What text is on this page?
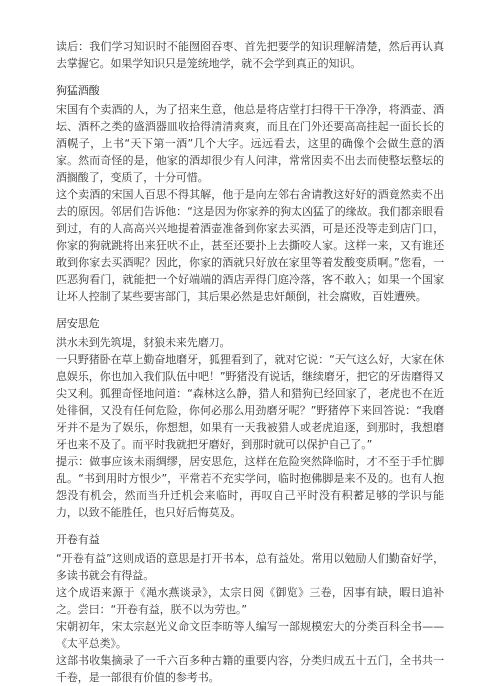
读后：我们学习知识时不能囫囵吞枣、首先把要学的知识理解清楚，然后再认真去掌握它。如果学知识只是笼统地学，就不会学到真正的知识。

狗猛酒酸

宋国有个卖酒的人，为了招来生意，他总是将店堂打扫得干干净净，将酒壶、酒坛、酒杯之类的盛酒器皿收拾得清清爽爽，而且在门外还要高高挂起一面长长的酒幌子，上书“天下第一酒”几个大字。远远看去，这里的确像个会做生意的酒家。然而奇怪的是，他家的酒却很少有人问津，常常因卖不出去而使整坛整坛的酒搁酸了，变质了，十分可惜。

这个卖酒的宋国人百思不得其解，他于是向左邻右舍请教这好好的酒竟然卖不出去的原因。邻居们告诉他：“这是因为你家养的狗太凶猛了的缘故。我们都亲眼看到过，有的人高高兴兴地提着酒壶准备到你家去买酒，可是还没等走到店门口，你家的狗就跳将出来狂吠不止，甚至还要扑上去撕咬人家。这样一来，又有谁还敢到你家去买酒呢？因此，你家的酒就只好放在家里等着发酸变质啊。”您看，一匹恶狗看门，就能把一个好端端的酒店弄得门庭冷落，客不敢入；如果一个国家让坏人控制了某些要害部门，其后果必然是忠奸颠倒，社会腐败，百姓遭殃。

居安思危

洪水未到先筑堤，豺狼未来先磨刀。

一只野猪卧在草上勤奋地磨牙，狐狸看到了，就对它说：“天气这么好，大家在休息娱乐，你也加入我们队伍中吧！”野猪没有说话，继续磨牙，把它的牙齿磨得又尖又利。狐狸奇怪地问道：“森林这么静，猎人和猎狗已经回家了，老虎也不在近处徘徊，又没有任何危险，你何必那么用劲磨牙呢？”野猪停下来回答说：“我磨牙并不是为了娱乐，你想想，如果有一天我被猎人或老虎追逐，到那时，我想磨牙也来不及了。而平时我就把牙磨好，到那时就可以保护自己了。”

提示：做事应该未雨绸缪，居安思危，这样在危险突然降临时，才不至于手忙脚乱。“书到用时方恨少”，平常若不充实学问，临时抱佛脚是来不及的。也有人抱怨没有机会，然而当升迁机会来临时，再叹自己平时没有积蓄足够的学识与能力，以致不能胜任，也只好后悔莫及。

开卷有益

“开卷有益”这则成语的意思是打开书本，总有益处。常用以勉励人们勤奋好学，多读书就会有得益。

这个成语来源于《渑水燕谈录》，太宗日阅《御览》三卷，因事有缺，暇日追补之。尝曰：“开卷有益，朕不以为劳也。”

宋朝初年，宋太宗赵光义命文臣李昉等人编写一部规模宏大的分类百科全书——《太平总类》。

这部书收集摘录了一千六百多种古籍的重要内容，分类归成五十五门，全书共一千卷，是一部很有价值的参考书。
